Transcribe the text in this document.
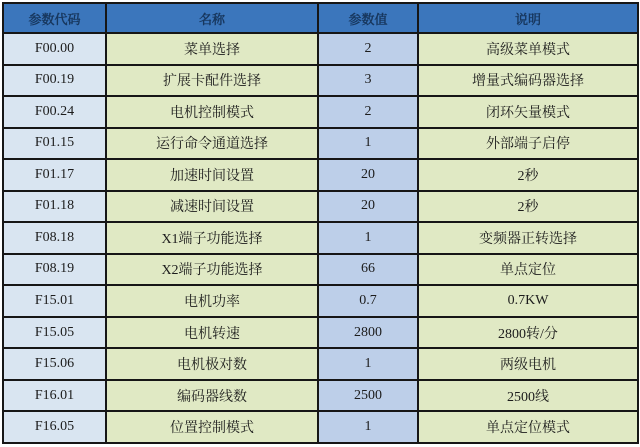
参数代码	名称	参数值	说明
F00.00	菜单选择	2	高级菜单模式
F00.19	扩展卡配件选择	3	增量式编码器选择
F00.24	电机控制模式	2	闭环矢量模式
F01.15	运行命令通道选择	1	外部端子启停
F01.17	加速时间设置	20	2秒
F01.18	减速时间设置	20	2秒
F08.18	X1端子功能选择	1	变频器正转选择
F08.19	X2端子功能选择	66	单点定位
F15.01	电机功率	0.7	0.7KW
F15.05	电机转速	2800	2800转/分
F15.06	电机极对数	1	两级电机
F16.01	编码器线数	2500	2500线
F16.05	位置控制模式	1	单点定位模式
